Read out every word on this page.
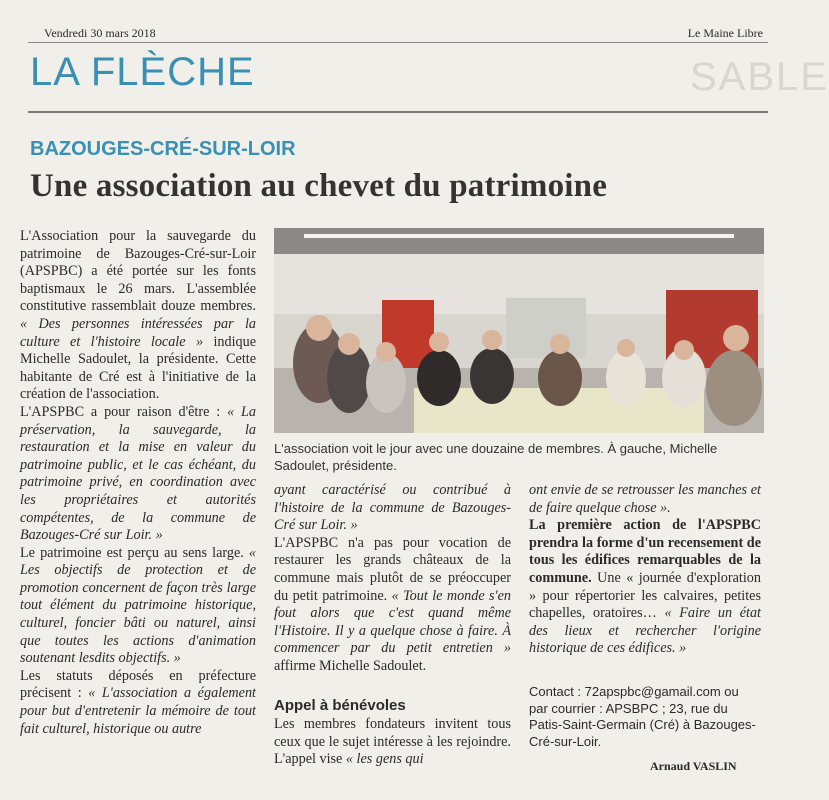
SABLE
Vendredi 30 mars 2018	Le Maine Libre
LA FLÈCHE
BAZOUGES-CRÉ-SUR-LOIR
Une association au chevet du patrimoine

L'Association pour la sauvegarde du patrimoine de Bazouges-Cré-sur-Loir (APSPBC) a été portée sur les fonts baptismaux le 26 mars. L'assemblée constitutive rassemblait douze membres. « Des personnes intéressées par la culture et l'histoire locale » indique Michelle Sadoulet, la présidente. Cette habitante de Cré est à l'initiative de la création de l'association.

L'APSPBC a pour raison d'être : « La préservation, la sauvegarde, la restauration et la mise en valeur du patrimoine public, et le cas échéant, du patrimoine privé, en coordination avec les propriétaires et autorités compétentes, de la commune de Bazouges-Cré sur Loir. »

Le patrimoine est perçu au sens large. « Les objectifs de protection et de promotion concernent de façon très large tout élément du patrimoine historique, culturel, foncier bâti ou naturel, ainsi que toutes les actions d'animation soutenant lesdits objectifs. »

Les statuts déposés en préfecture précisent : « L'association a également pour but d'entretenir la mémoire de tout fait culturel, historique ou autre

L'association voit le jour avec une douzaine de membres. À gauche, Michelle Sadoulet, présidente.

ayant caractérisé ou contribué à l'histoire de la commune de Bazouges-Cré sur Loir. »

L'APSPBC n'a pas pour vocation de restaurer les grands châteaux de la commune mais plutôt de se préoccuper du petit patrimoine. « Tout le monde s'en fout alors que c'est quand même l'Histoire. Il y a quelque chose à faire. À commencer par du petit entretien » affirme Michelle Sadoulet.

Appel à bénévoles

Les membres fondateurs invitent tous ceux que le sujet intéresse à les rejoindre. L'appel vise « les gens qui

ont envie de se retrousser les manches et de faire quelque chose ».

La première action de l'APSPBC prendra la forme d'un recensement de tous les édifices remarquables de la commune. Une « journée d'exploration » pour répertorier les calvaires, petites chapelles, oratoires… « Faire un état des lieux et rechercher l'origine historique de ces édifices. »

Contact : 72apspbc@gamail.com ou par courrier : APSBPC ; 23, rue du Patis-Saint-Germain (Cré) à Bazouges-Cré-sur-Loir.
Arnaud VASLIN
